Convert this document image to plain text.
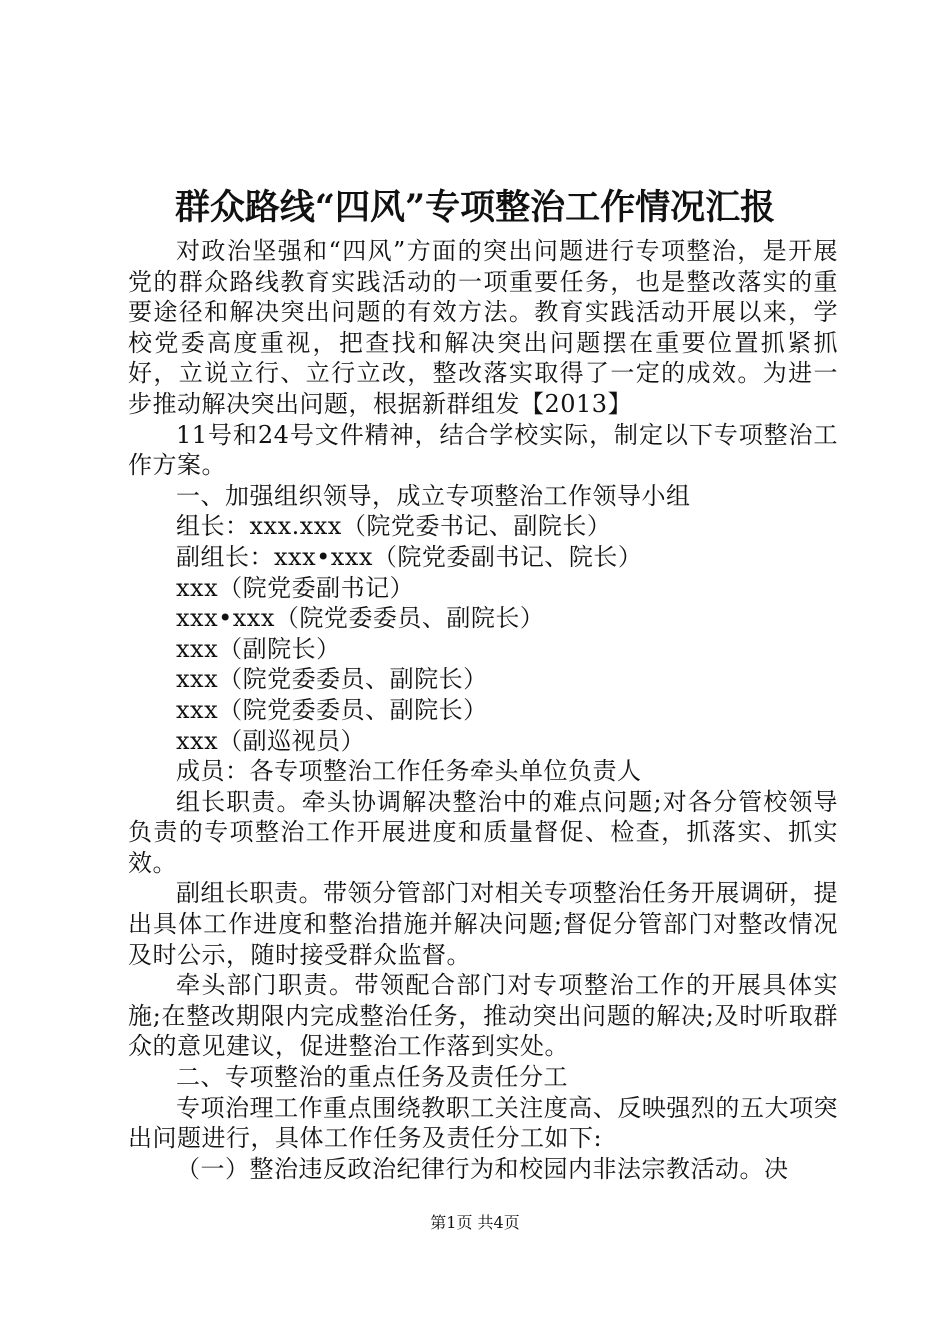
群众路线“四风”专项整治工作情况汇报

对政治坚强和“四风”方面的突出问题进行专项整治，是开展党的群众路线教育实践活动的一项重要任务，也是整改落实的重要途径和解决突出问题的有效方法。教育实践活动开展以来，学校党委高度重视，把查找和解决突出问题摆在重要位置抓紧抓好，立说立行、立行立改，整改落实取得了一定的成效。为进一步推动解决突出问题，根据新群组发【2013】

11号和24号文件精神，结合学校实际，制定以下专项整治工作方案。

一、加强组织领导，成立专项整治工作领导小组

组长：xxx.xxx（院党委书记、副院长）

副组长：xxx•xxx（院党委副书记、院长）

xxx（院党委副书记）

xxx•xxx（院党委委员、副院长）

xxx（副院长）

xxx（院党委委员、副院长）

xxx（院党委委员、副院长）

xxx（副巡视员）

成员：各专项整治工作任务牵头单位负责人

组长职责。牵头协调解决整治中的难点问题;对各分管校领导负责的专项整治工作开展进度和质量督促、检查，抓落实、抓实效。

副组长职责。带领分管部门对相关专项整治任务开展调研，提出具体工作进度和整治措施并解决问题;督促分管部门对整改情况及时公示，随时接受群众监督。

牵头部门职责。带领配合部门对专项整治工作的开展具体实施;在整改期限内完成整治任务，推动突出问题的解决;及时听取群众的意见建议，促进整治工作落到实处。

二、专项整治的重点任务及责任分工

专项治理工作重点围绕教职工关注度高、反映强烈的五大项突出问题进行，具体工作任务及责任分工如下:

（一）整治违反政治纪律行为和校园内非法宗教活动。决

第1页 共4页
